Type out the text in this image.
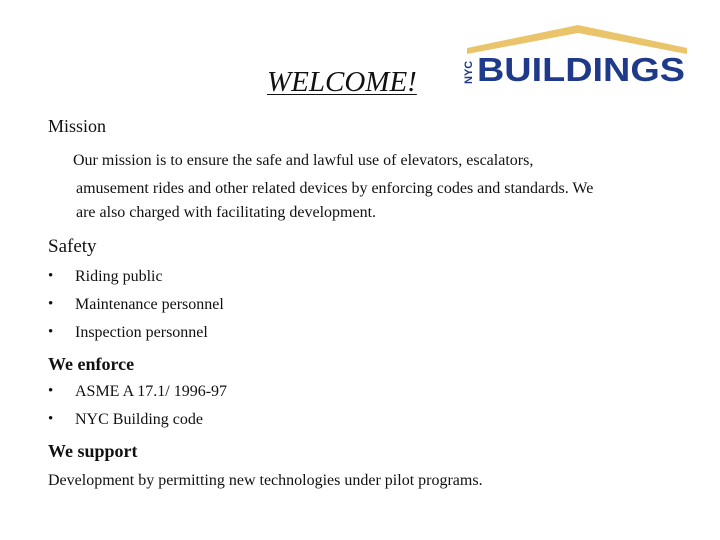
WELCOME!	NYC BUILDINGS
Mission
Our mission is to ensure the safe and lawful use of elevators, escalators,
amusement rides and other related devices by enforcing codes and standards. We
are also charged with facilitating development.
Safety
• Riding public
• Maintenance personnel
• Inspection personnel
We enforce
• ASME A 17.1/ 1996-97
• NYC Building code
We support
Development by permitting new technologies under pilot programs.
